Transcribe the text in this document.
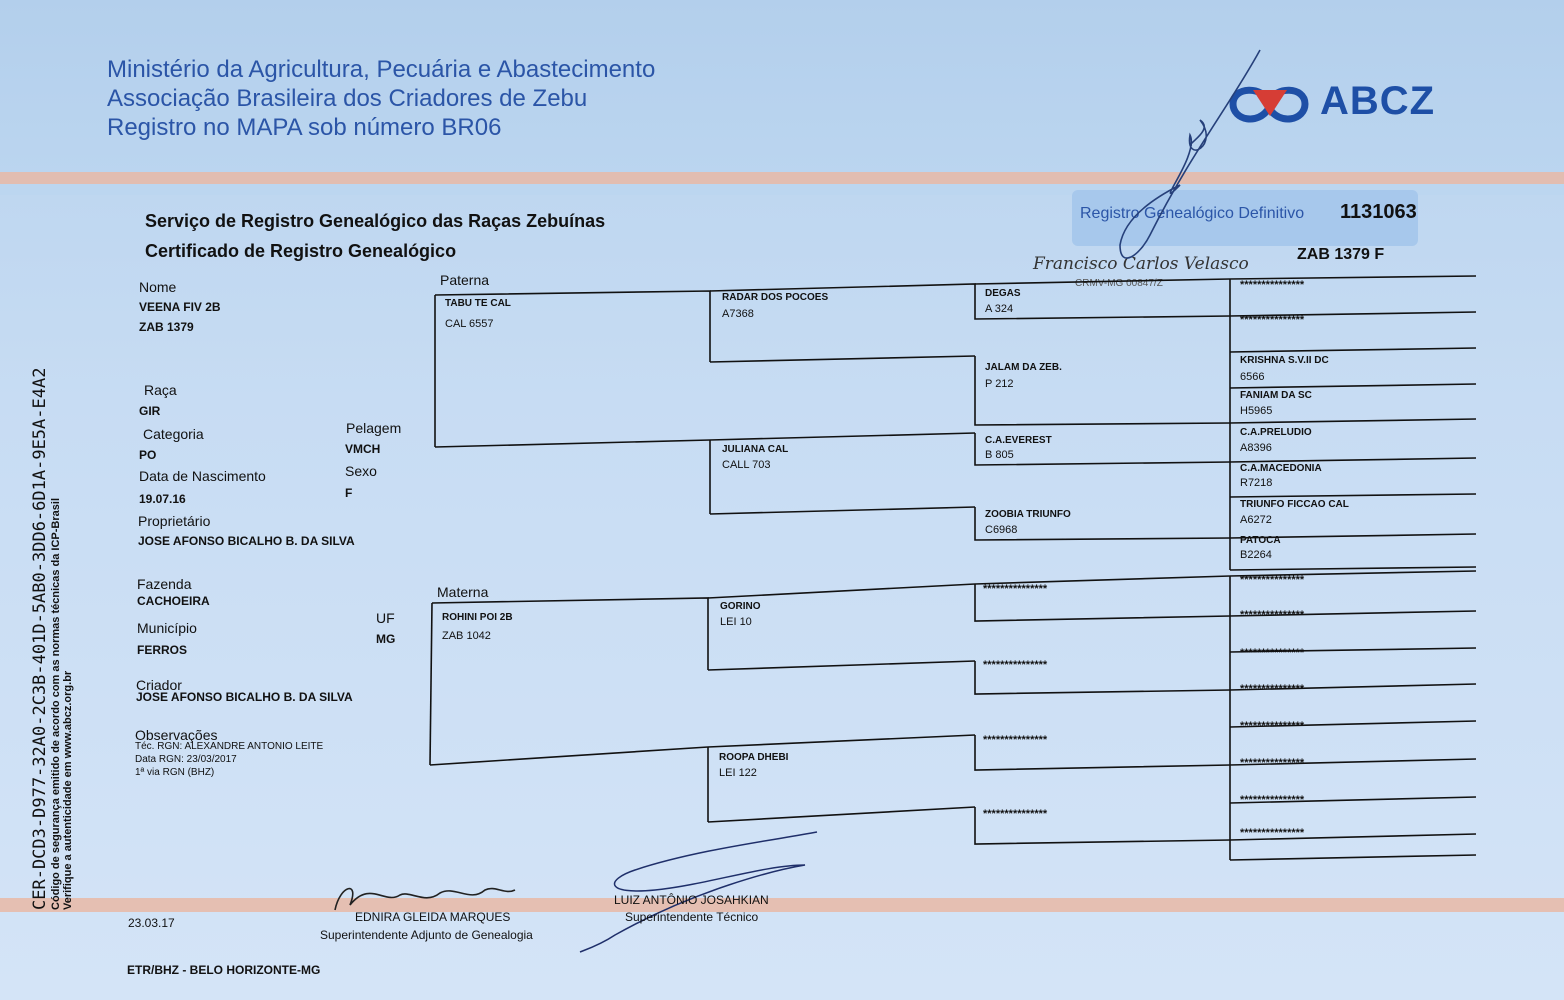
Ministério da Agricultura, Pecuária e Abastecimento
Associação Brasileira dos Criadores de Zebu
Registro no MAPA sob número BR06
ABCZ
Registro Genealógico Definitivo 1131063
Serviço de Registro Genealógico das Raças Zebuínas
Certificado de Registro Genealógico
Francisco Carlos Velasco
CRMV-MG 00847/Z
ZAB 1379 F
CER-DCD3-D977-32A0-2C3B-401D-5AB0-3DD6-6D1A-9E5A-E4A2 Código de segurança emitido de acordo com as normas técnicas da ICP-Brasil Verifique a autenticidade em www.abcz.org.br
Nome
VEENA FIV 2B
ZAB 1379
Raça
GIR
Categoria
PO
Pelagem
VMCH
Data de Nascimento
19.07.16
Sexo
F
Proprietário
JOSE AFONSO BICALHO B. DA SILVA
Fazenda
CACHOEIRA
Município
FERROS
UF
MG
Criador
JOSE AFONSO BICALHO B. DA SILVA
Observações
Téc. RGN: ALEXANDRE ANTONIO LEITE
Data RGN: 23/03/2017
1ª via RGN (BHZ)
Paterna
Materna
TABU TE CAL
CAL 6557
ROHINI POI 2B
ZAB 1042
RADAR DOS POCOES
A7368
JULIANA CAL
CALL 703
GORINO
LEI 10
ROOPA DHEBI
LEI 122
DEGAS
A 324
JALAM DA ZEB.
P 212
C.A.EVEREST
B 805
ZOOBIA TRIUNFO
C6968
***************
***************
***************
***************
***************
***************
KRISHNA S.V.II DC
6566
FANIAM DA SC
H5965
C.A.PRELUDIO
A8396
C.A.MACEDONIA
R7218
TRIUNFO FICCAO CAL
A6272
PATOCA
B2264
***************
***************
***************
***************
***************
***************
***************
***************
23.03.17	EDNIRA GLEIDA MARQUES
Superintendente Adjunto de Genealogia
LUIZ ANTÔNIO JOSAHKIAN
Superintendente Técnico
ETR/BHZ - BELO HORIZONTE-MG
